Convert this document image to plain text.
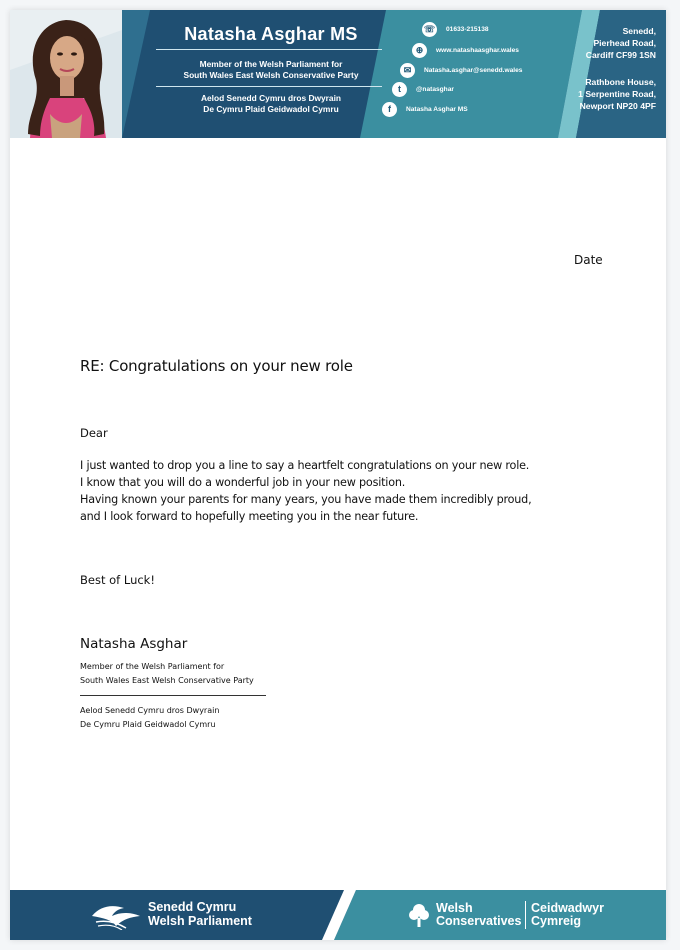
Natasha Asghar MS
Member of the Welsh Parliament for
South Wales East Welsh Conservative Party
Aelod Senedd Cymru dros Dwyrain
De Cymru Plaid Geidwadol Cymru
☏ 01633-215138
⊕	www.natashaasghar.wales
✉	Natasha.asghar@senedd.wales
t	@natasghar
f	Natasha Asghar MS
Senedd,
Pierhead Road,
Cardiff CF99 1SN
Rathbone House,
1 Serpentine Road,
Newport NP20 4PF
Date
RE: Congratulations on your new role
Dear
I just wanted to drop you a line to say a heartfelt congratulations on your new role.
I know that you will do a wonderful job in your new position.
Having known your parents for many years, you have made them incredibly proud,
and I look forward to hopefully meeting you in the near future.
Best of Luck!
Natasha Asghar
Member of the Welsh Parliament for
South Wales East Welsh Conservative Party
Aelod Senedd Cymru dros Dwyrain
De Cymru Plaid Geidwadol Cymru
Senedd Cymru
Welsh Parliament
Welsh
Conservatives
Ceidwadwyr
Cymreig
